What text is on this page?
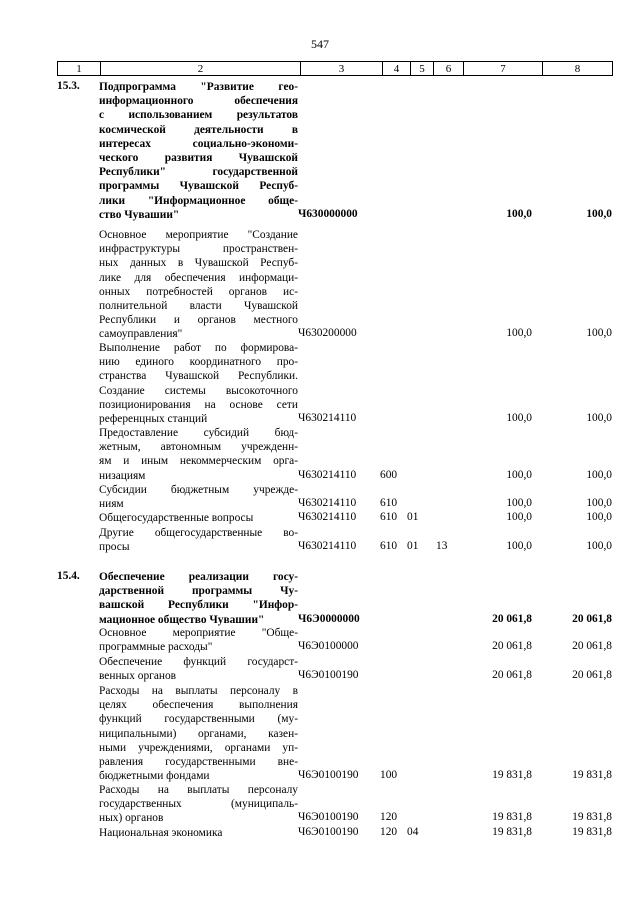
547
1	2	3	4	5	6	7	8
15.3. Подпрограмма "Развитие гео-
информационного обеспечения
с использованием результатов
космической деятельности в
интересах социально-экономи-
ческого развития Чувашской
Республики" государственной
программы Чувашской Респуб-
лики "Информационное обще-
ство Чувашии"	Ч630000000	100,0	100,0
Основное мероприятие "Создание
инфраструктуры пространствен-
ных данных в Чувашской Респуб-
лике для обеспечения информаци-
онных потребностей органов ис-
полнительной власти Чувашской
Республики и органов местного
самоуправления"	Ч630200000	100,0	100,0
Выполнение работ по формирова-
нию единого координатного про-
странства Чувашской Республики.
Создание системы высокоточного
позиционирования на основе сети
референцных станций	Ч630214110	100,0	100,0
Предоставление субсидий бюд-
жетным, автономным учрежденн-
ям и иным некоммерческим орга-
низациям	Ч630214110 600	100,0	100,0
Субсидии бюджетным учрежде-
ниям	Ч630214110 610	100,0	100,0
Общегосударственные вопросы	Ч630214110 610 01	100,0	100,0
Другие общегосударственные во-
просы	Ч630214110 610 01 13	100,0	100,0
15.4. Обеспечение реализации госу-
дарственной программы Чу-
вашской Республики "Инфор-
мационное общество Чувашии"	Ч6Э0000000	20 061,8	20 061,8
Основное мероприятие "Обще-
программные расходы"	Ч6Э0100000	20 061,8	20 061,8
Обеспечение функций государст-
венных органов	Ч6Э0100190	20 061,8	20 061,8
Расходы на выплаты персоналу в
целях обеспечения выполнения
функций государственными (му-
ниципальными) органами, казен-
ными учреждениями, органами уп-
равления государственными вне-
бюджетными фондами	Ч6Э0100190 100	19 831,8	19 831,8
Расходы на выплаты персоналу
государственных (муниципаль-
ных) органов	Ч6Э0100190 120	19 831,8	19 831,8
Национальная экономика	Ч6Э0100190 120 04	19 831,8	19 831,8
